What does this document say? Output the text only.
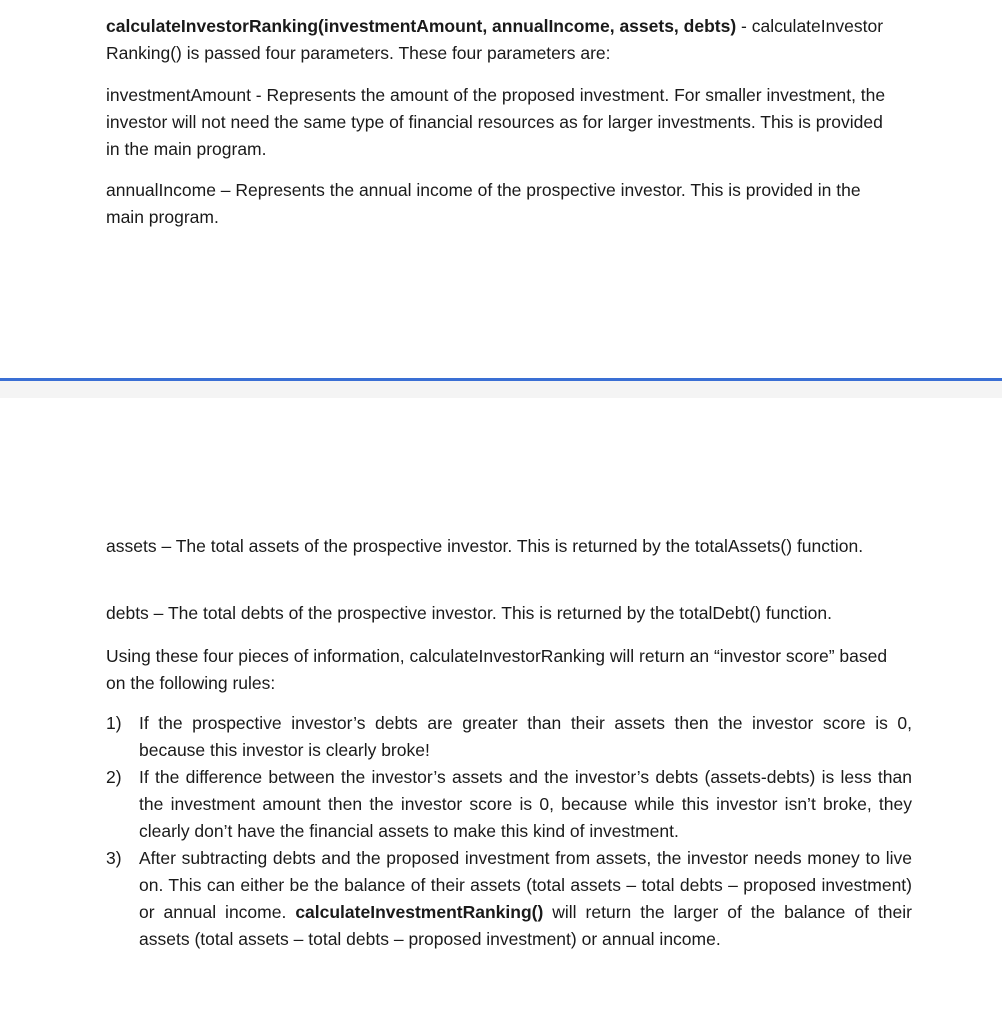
calculateInvestorRanking(investmentAmount, annualIncome, assets, debts) - calculateInvestor Ranking() is passed four parameters. These four parameters are:

investmentAmount - Represents the amount of the proposed investment. For smaller investment, the investor will not need the same type of financial resources as for larger investments. This is provided in the main program.

annualIncome – Represents the annual income of the prospective investor. This is provided in the main program.

assets – The total assets of the prospective investor. This is returned by the totalAssets() function.

debts – The total debts of the prospective investor. This is returned by the totalDebt() function.

Using these four pieces of information, calculateInvestorRanking will return an “investor score” based on the following rules:

1) If the prospective investor’s debts are greater than their assets then the investor score is 0, because this investor is clearly broke!
2) If the difference between the investor’s assets and the investor’s debts (assets-debts) is less than the investment amount then the investor score is 0, because while this investor isn’t broke, they clearly don’t have the financial assets to make this kind of investment.
3) After subtracting debts and the proposed investment from assets, the investor needs money to live on. This can either be the balance of their assets (total assets – total debts – proposed investment) or annual income. calculateInvestmentRanking() will return the larger of the balance of their assets (total assets – total debts – proposed investment) or annual income.
